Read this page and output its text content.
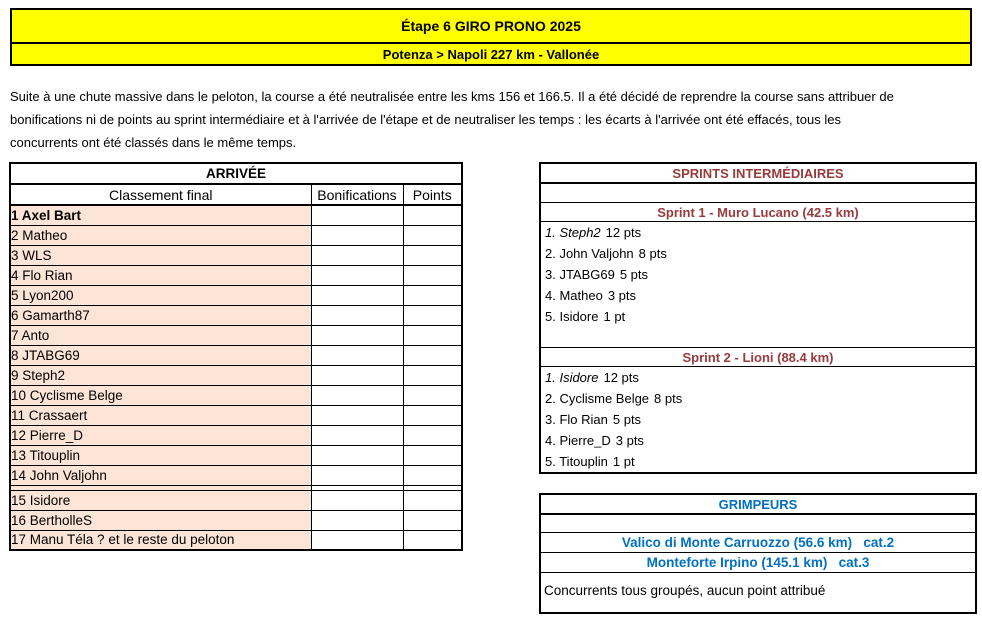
Étape 6 GIRO PRONO 2025
Potenza > Napoli 227 km - Vallonée
Suite à une chute massive dans le peloton, la course a été neutralisée entre les kms 156 et 166.5. Il a été décidé de reprendre la course sans attribuer de
bonifications ni de points au sprint intermédiaire et à l'arrivée de l'étape et de neutraliser les temps : les écarts à l'arrivée ont été effacés, tous les
concurrents ont été classés dans le même temps.
ARRIVÉE		
Classement final	Bonifications	Points
1 Axel Bart		
2 Matheo		
3 WLS		
4 Flo Rian		
5 Lyon200		
6 Gamarth87		
7 Anto		
8 JTABG69		
9 Steph2		
10 Cyclisme Belge		
11 Crassaert		
12 Pierre_D		
13 Titouplin		
14 John Valjohn		

15 Isidore		
16 BertholleS		
17 Manu Téla ? et le reste du peloton		
SPRINTS INTERMÉDIAIRES
Sprint 1 - Muro Lucano (42.5 km)
1. Steph2 12 pts
2. John Valjohn 8 pts
3. JTABG69 5 pts
4. Matheo 3 pts
5. Isidore 1 pt
Sprint 2 - Lioni (88.4 km)
1. Isidore 12 pts
2. Cyclisme Belge 8 pts
3. Flo Rian 5 pts
4. Pierre_D 3 pts
5. Titouplin 1 pt
GRIMPEURS
Valico di Monte Carruozzo (56.6 km)   cat.2
Monteforte Irpino (145.1 km)   cat.3
Concurrents tous groupés, aucun point attribué
